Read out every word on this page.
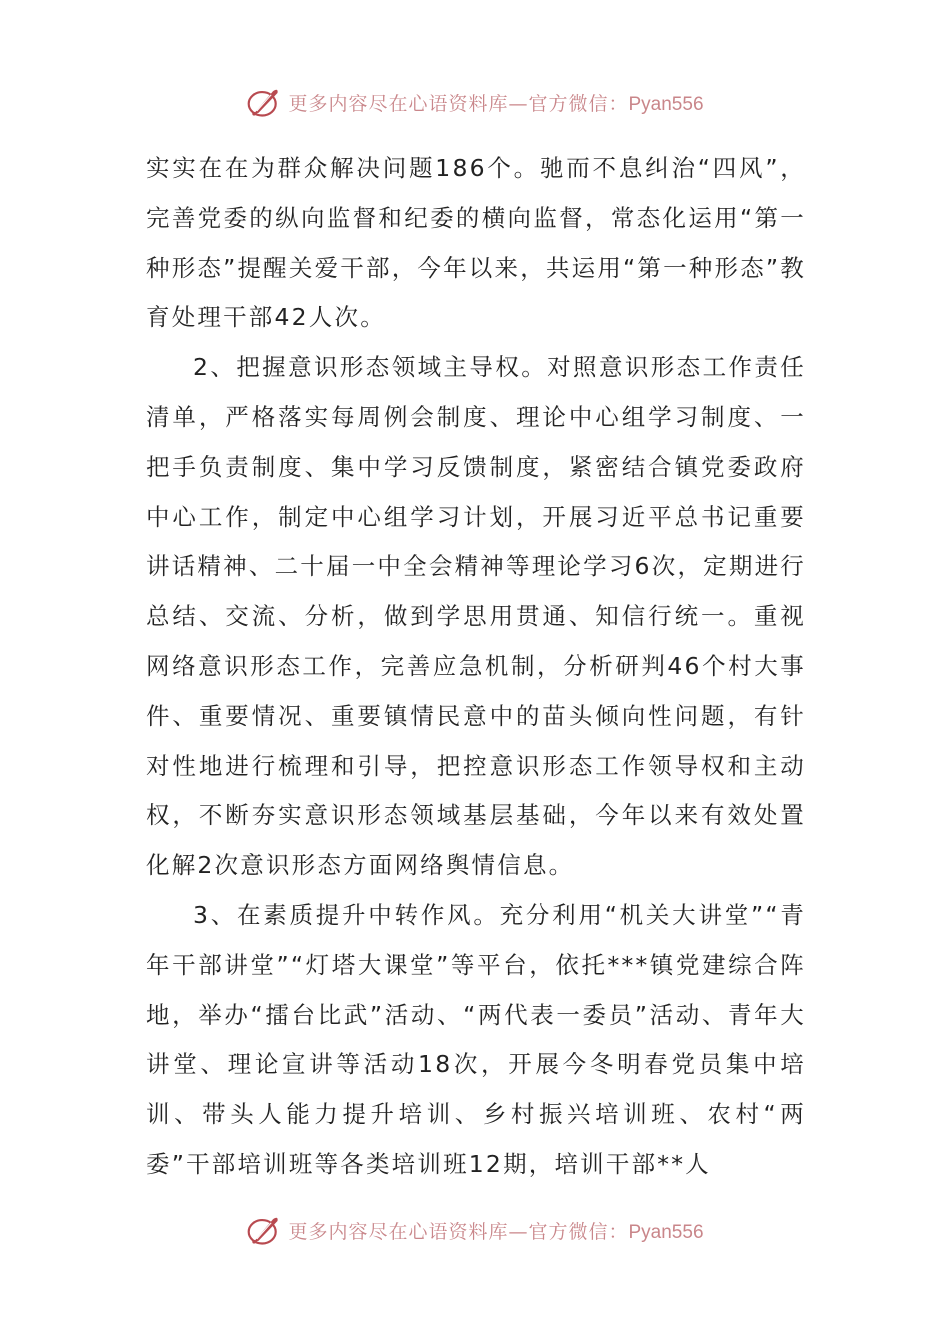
更多内容尽在心语资料库—官方微信：Pyan556

实实在在为群众解决问题186个。驰而不息纠治“四风”，完善党委的纵向监督和纪委的横向监督，常态化运用“第一种形态”提醒关爱干部，今年以来，共运用“第一种形态”教育处理干部42人次。

2、把握意识形态领域主导权。对照意识形态工作责任清单，严格落实每周例会制度、理论中心组学习制度、一把手负责制度、集中学习反馈制度，紧密结合镇党委政府中心工作，制定中心组学习计划，开展习近平总书记重要讲话精神、二十届一中全会精神等理论学习6次，定期进行总结、交流、分析，做到学思用贯通、知信行统一。重视网络意识形态工作，完善应急机制，分析研判46个村大事件、重要情况、重要镇情民意中的苗头倾向性问题，有针对性地进行梳理和引导，把控意识形态工作领导权和主动权，不断夯实意识形态领域基层基础，今年以来有效处置化解2次意识形态方面网络舆情信息。

3、在素质提升中转作风。充分利用“机关大讲堂”“青年干部讲堂”“灯塔大课堂”等平台，依托***镇党建综合阵地，举办“擂台比武”活动、“两代表一委员”活动、青年大讲堂、理论宣讲等活动18次，开展今冬明春党员集中培训、带头人能力提升培训、乡村振兴培训班、农村“两委”干部培训班等各类培训班12期，培训干部**人

更多内容尽在心语资料库—官方微信：Pyan556
